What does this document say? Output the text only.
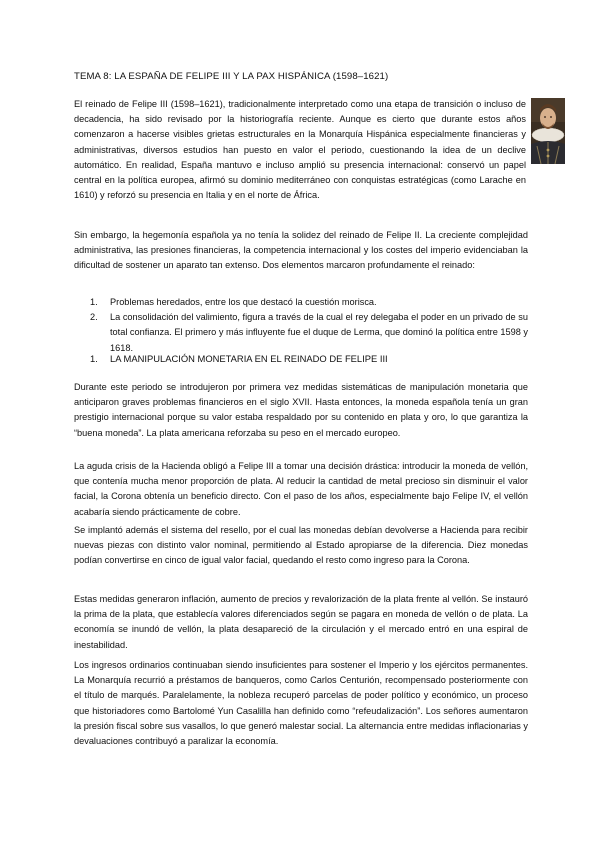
TEMA 8: LA ESPAÑA DE FELIPE III Y LA PAX HISPÁNICA (1598–1621)
El reinado de Felipe III (1598–1621), tradicionalmente interpretado como una etapa de transición o incluso de decadencia, ha sido revisado por la historiografía reciente. Aunque es cierto que durante estos años comenzaron a hacerse visibles grietas estructurales en la Monarquía Hispánica especialmente financieras y administrativas, diversos estudios han puesto en valor el periodo, cuestionando la idea de un declive automático. En realidad, España mantuvo e incluso amplió su presencia internacional: conservó un papel central en la política europea, afirmó su dominio mediterráneo con conquistas estratégicas (como Larache en 1610) y reforzó su presencia en Italia y en el norte de África.
Sin embargo, la hegemonía española ya no tenía la solidez del reinado de Felipe II. La creciente complejidad administrativa, las presiones financieras, la competencia internacional y los costes del imperio evidenciaban la dificultad de sostener un aparato tan extenso. Dos elementos marcaron profundamente el reinado:
1. Problemas heredados, entre los que destacó la cuestión morisca.
2. La consolidación del valimiento, figura a través de la cual el rey delegaba el poder en un privado de su total confianza. El primero y más influyente fue el duque de Lerma, que dominó la política entre 1598 y 1618.
1. LA MANIPULACIÓN MONETARIA EN EL REINADO DE FELIPE III
Durante este periodo se introdujeron por primera vez medidas sistemáticas de manipulación monetaria que anticiparon graves problemas financieros en el siglo XVII. Hasta entonces, la moneda española tenía un gran prestigio internacional porque su valor estaba respaldado por su contenido en plata y oro, lo que garantiza la “buena moneda”. La plata americana reforzaba su peso en el mercado europeo.
La aguda crisis de la Hacienda obligó a Felipe III a tomar una decisión drástica: introducir la moneda de vellón, que contenía mucha menor proporción de plata. Al reducir la cantidad de metal precioso sin disminuir el valor facial, la Corona obtenía un beneficio directo. Con el paso de los años, especialmente bajo Felipe IV, el vellón acabaría siendo prácticamente de cobre.
Se implantó además el sistema del resello, por el cual las monedas debían devolverse a Hacienda para recibir nuevas piezas con distinto valor nominal, permitiendo al Estado apropiarse de la diferencia. Diez monedas podían convertirse en cinco de igual valor facial, quedando el resto como ingreso para la Corona.
Estas medidas generaron inflación, aumento de precios y revalorización de la plata frente al vellón. Se instauró la prima de la plata, que establecía valores diferenciados según se pagara en moneda de vellón o de plata. La economía se inundó de vellón, la plata desapareció de la circulación y el mercado entró en una espiral de inestabilidad.
Los ingresos ordinarios continuaban siendo insuficientes para sostener el Imperio y los ejércitos permanentes. La Monarquía recurrió a préstamos de banqueros, como Carlos Centurión, recompensado posteriormente con el título de marqués. Paralelamente, la nobleza recuperó parcelas de poder político y económico, un proceso que historiadores como Bartolomé Yun Casalilla han definido como “refeudalización”. Los señores aumentaron la presión fiscal sobre sus vasallos, lo que generó malestar social. La alternancia entre medidas inflacionarias y devaluaciones contribuyó a paralizar la economía.
